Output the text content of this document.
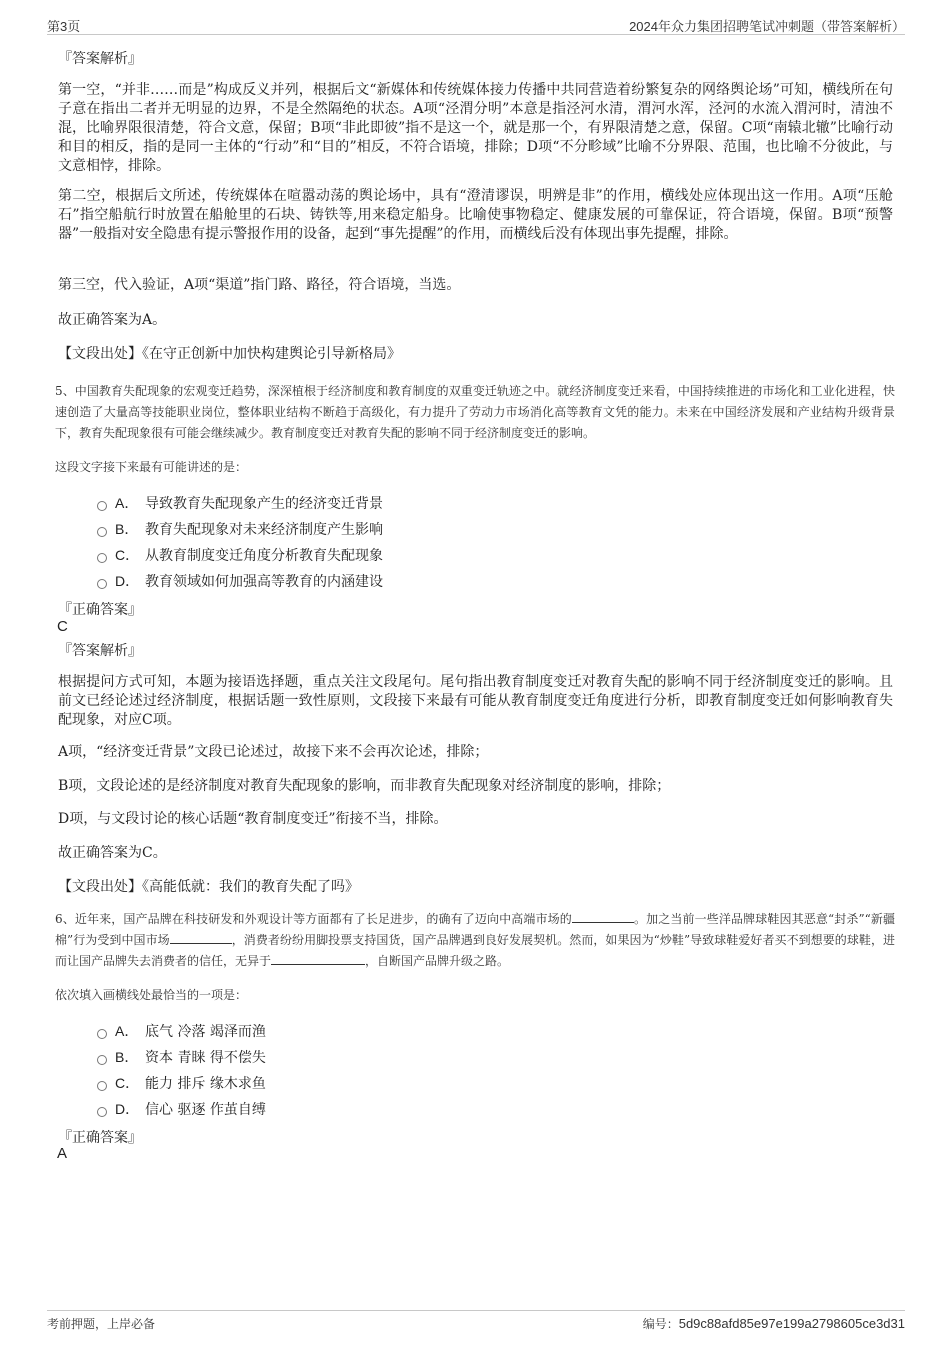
第3页	2024年众力集团招聘笔试冲刺题（带答案解析）
『答案解析』
第一空，“并非……而是”构成反义并列，根据后文“新媒体和传统媒体接力传播中共同营造着纷繁复杂的网络舆论场”可知，横线所在句子意在指出二者并无明显的边界，不是全然隔绝的状态。A项“泾渭分明”本意是指泾河水清，渭河水浑，泾河的水流入渭河时，清浊不混，比喻界限很清楚，符合文意，保留；B项“非此即彼”指不是这一个，就是那一个，有界限清楚之意，保留。C项“南辕北辙”比喻行动和目的相反，指的是同一主体的“行动”和“目的”相反，不符合语境，排除；D项“不分畛域”比喻不分界限、范围，也比喻不分彼此，与文意相悖，排除。
第二空，根据后文所述，传统媒体在喧嚣动荡的舆论场中，具有“澄清谬误，明辨是非”的作用，横线处应体现出这一作用。A项“压舱石”指空船航行时放置在船舱里的石块、铸铁等,用来稳定船身。比喻使事物稳定、健康发展的可靠保证，符合语境，保留。B项“预警器”一般指对安全隐患有提示警报作用的设备，起到“事先提醒”的作用，而横线后没有体现出事先提醒，排除。
第三空，代入验证，A项“渠道”指门路、路径，符合语境，当选。
故正确答案为A。
【文段出处】《在守正创新中加快构建舆论引导新格局》
5、中国教育失配现象的宏观变迁趋势，深深植根于经济制度和教育制度的双重变迁轨迹之中。就经济制度变迁来看，中国持续推进的市场化和工业化进程，快速创造了大量高等技能职业岗位，整体职业结构不断趋于高级化，有力提升了劳动力市场消化高等教育文凭的能力。未来在中国经济发展和产业结构升级背景下，教育失配现象很有可能会继续减少。教育制度变迁对教育失配的影响不同于经济制度变迁的影响。
这段文字接下来最有可能讲述的是：
A． 导致教育失配现象产生的经济变迁背景
B． 教育失配现象对未来经济制度产生影响
C． 从教育制度变迁角度分析教育失配现象
D． 教育领域如何加强高等教育的内涵建设
『正确答案』
C
『答案解析』
根据提问方式可知，本题为接语选择题，重点关注文段尾句。尾句指出教育制度变迁对教育失配的影响不同于经济制度变迁的影响。且前文已经论述过经济制度，根据话题一致性原则，文段接下来最有可能从教育制度变迁角度进行分析，即教育制度变迁如何影响教育失配现象，对应C项。
A项，“经济变迁背景”文段已论述过，故接下来不会再次论述，排除；
B项，文段论述的是经济制度对教育失配现象的影响，而非教育失配现象对经济制度的影响，排除；
D项，与文段讨论的核心话题“教育制度变迁”衔接不当，排除。
故正确答案为C。
【文段出处】《高能低就：我们的教育失配了吗》
6、近年来，国产品牌在科技研发和外观设计等方面都有了长足进步，的确有了迈向中高端市场的	。加之当前一些洋品牌球鞋因其恶意“封杀”“新疆棉”行为受到中国市场	，消费者纷纷用脚投票支持国货，国产品牌遇到良好发展契机。然而，如果因为“炒鞋”导致球鞋爱好者买不到想要的球鞋，进而让国产品牌失去消费者的信任，无异于	，自断国产品牌升级之路。
依次填入画横线处最恰当的一项是：
A． 底气 冷落 竭泽而渔
B． 资本 青睐 得不偿失
C． 能力 排斥 缘木求鱼
D． 信心 驱逐 作茧自缚
『正确答案』
A
考前押题，上岸必备	编号：5d9c88afd85e97e199a2798605ce3d31
